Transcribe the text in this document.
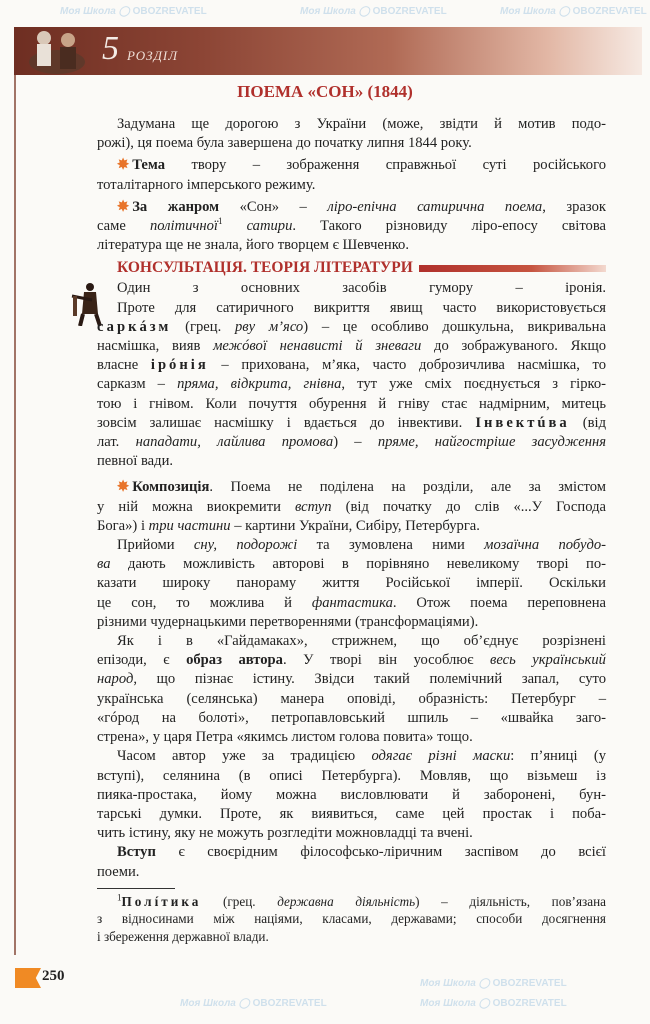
5 РОЗДІЛ
ПОЕМА «СОН» (1844)
Задумана ще дорогою з України (може, звідти й мотив подо-
рожі), ця поема була завершена до початку липня 1844 року.
✸ Тема твору – зображення справжньої суті російського
тоталітарного імперського режиму.
✸ За жанром «Сон» – ліро-епічна сатирична поема, зразок
саме політичної$^1$ сатири. Такого різновиду ліро-епосу світова
література ще не знала, його творцем є Шевченко.
КОНСУЛЬТАЦІЯ. ТЕОРІЯ ЛІТЕРАТУРИ
Один з основних засобів гумору – іронія.
Проте для сатиричного викриття явищ часто використовується
саркáзм (грец. рву м’ясо) – це особливо дошкульна, викривальна
насмішка, вияв межóвої ненависті й зневаги до зображуваного. Якщо
власне ірóнія – прихована, м’яка, часто доброзичлива насмішка, то
сарказм – пряма, відкрита, гнівна, тут уже сміх поєднується з гірко-
тою і гнівом. Коли почуття обурення й гніву стає надмірним, митець
зовсім залишає насмішку і вдається до інвективи. Інвектúва (від
лат. нападати, лайлива промова) – пряме, найгостріше засудження
певної вади.
✸ Композиція. Поема не поділена на розділи, але за змістом
у ній можна виокремити вступ (від початку до слів «...У Господа
Бога») і три частини – картини України, Сибіру, Петербурга.
Прийоми сну, подорожі та зумовлена ними мозаїчна побудо-
ва дають можливість авторові в порівняно невеликому творі по-
казати широку панораму життя Російської імперії. Оскільки
це сон, то можлива й фантастика. Отож поема переповнена
різними чудернацькими перетвореннями (трансформаціями).
Як і в «Гайдамаках», стрижнем, що об’єднує розрізнені
епізоди, є образ автора. У творі він уособлює весь український
народ, що пізнає істину. Звідси такий полемічний запал, суто
українська (селянська) манера оповіді, образність: Петербург –
«гóрод на болоті», петропавловський шпиль – «швайка заго-
стрена», у царя Петра «якимсь листом голова повита» тощо.
Часом автор уже за традицією одягає різні маски: п’яниці (у
вступі), селянина (в описі Петербурга). Мовляв, що візьмеш із
пияка-простака, йому можна висловлювати й заборонені, бун-
тарські думки. Проте, як виявиться, саме цей простак і поба-
чить істину, яку не можуть розгледіти можновладці та вчені.
Вступ є своєрідним філософсько-ліричним заспівом до всієї
поеми.
$^1$Полíтика (грец. державна діяльність) – діяльність, пов’язана
з відносинами між націями, класами, державами; способи досягнення
і збереження державної влади.
250
Моя Школа ◯ OBOZREVATEL	Моя Школа ◯ OBOZREVATEL	Моя Школа ◯ OBOZREVATEL
Моя Школа ◯ OBOZREVATEL	Моя Школа ◯ OBOZREVATEL
Моя Школа ◯ OBOZREVATEL
